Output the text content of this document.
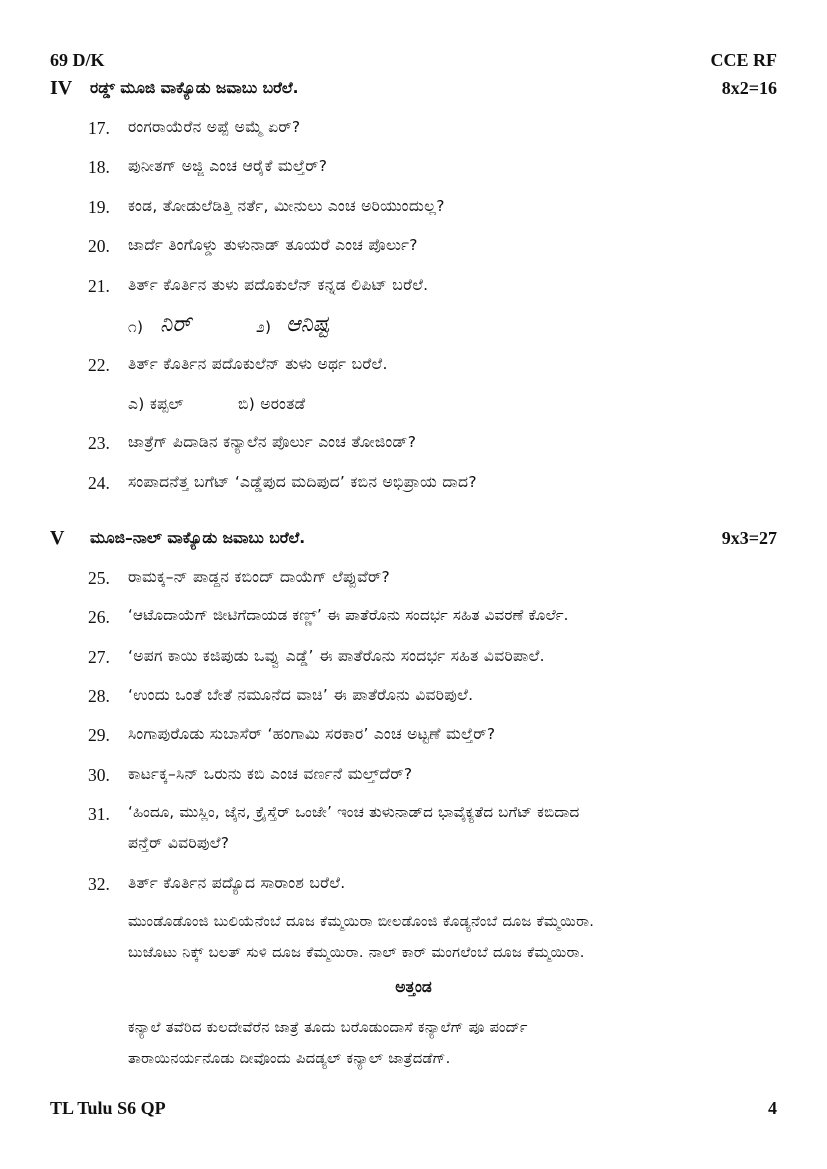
69 D/K	CCE RF
IV ರಡ್ಡ್ ಮೂಜಿ ವಾಕ್ಯೊಡು ಜವಾಬು ಬರೆಲೆ.	8x2=16
17. ರಂಗರಾಯೆರೆನ ಅಪ್ಪೆ ಅಮ್ಮೆ ಏರ್?
18. ಪುನೀತಗ್ ಅಜ್ಜಿ ಎಂಚ ಆರೈಕೆ ಮಲ್ತೆರ್?
19. ಕಂಡ, ತೋಡುಲೆಡಿತ್ತಿ ನರ್ತೆ, ಮೀನುಲು ಎಂಚ ಅರಿಯುಂದುಲ್ಲ?
20. ಜಾರ್ದೆ ತಿಂಗೊಳ್ಡು ತುಳುನಾಡ್ ತೂಯರೆ ಎಂಚ ಪೊರ್ಲು?
21. ತಿರ್ತ್ ಕೊರ್ತಿನ ತುಳು ಪದೊಕುಲೆನ್ ಕನ್ನಡ ಲಿಪಿಟ್ ಬರೆಲೆ.
೧) ನಿರ್	೨) ಆನಿಷ್ಟ
22. ತಿರ್ತ್ ಕೊರ್ತಿನ ಪದೊಕುಲೆನ್ ತುಳು ಅರ್ಥ ಬರೆಲೆ.
ಎ) ಕಪ್ಪಲ್	ಬಿ) ಅರಂತಡೆ
23. ಜಾತ್ರೆಗ್ ಪಿದಾಡಿನ ಕನ್ಯಾಲೆನ ಪೊರ್ಲು ಎಂಚ ತೋಜಿಂಡ್?
24. ಸಂಪಾದನೆತ್ತ ಬಗೆಟ್ ‘ಎಡ್ಡೆಪುದ ಮದಿಪುದ’ ಕಬಿನ ಅಭಿಪ್ರಾಯ ದಾದ?
V ಮೂಜಿ–ನಾಲ್ ವಾಕ್ಯೊಡು ಜವಾಬು ಬರೆಲೆ.	9x3=27
25. ರಾಮಕ್ಕ–ನ್ ಪಾಡ್ದನ ಕಬಿಂದ್ ದಾಯೆಗ್ ಲೆಪ್ಪುವೆರ್?
26. ‘ಆಟೊದಾಯೆಗ್ ಜೀಟಿಗೆದಾಯಡ ಕಣ್ಣ್’ ಈ ಪಾತೆರೊನು ಸಂದರ್ಭ ಸಹಿತ ವಿವರಣೆ ಕೊರ್ಲೆ.
27. ‘ಅಪಗ ಕಾಯಿ ಕಜಿಪುಡು ಒವ್ವು ಎಡ್ಡೆ’ ಈ ಪಾತೆರೊನು ಸಂದರ್ಭ ಸಹಿತ ವಿವರಿಪಾಲೆ.
28. ‘ಉಂದು ಒಂತೆ ಬೇತೆ ನಮೂನೆದ ವಾಚಿ’ ಈ ಪಾತೆರೊನು ವಿವರಿಪುಲೆ.
29. ಸಿಂಗಾಪುರೊಡು ಸುಬಾಸೆರ್ ‘ಹಂಗಾಮಿ ಸರಕಾರ’ ಎಂಚ ಅಟ್ಟಣೆ ಮಲ್ತೆರ್?
30. ಕಾರ್ಟಕ್ಕ–ಸಿನ್ ಒರುನು ಕಬಿ ಎಂಚ ವರ್ಣನೆ ಮಲ್ತ್‌ದೆರ್?
31. ‘ಹಿಂದೂ, ಮುಸ್ಲಿಂ, ಜೈನ, ಕ್ರೈಸ್ತೆರ್ ಒಂಜೇ’ ಇಂಚ ತುಳುನಾಡ್‌ದ ಭಾವೈಕ್ಯತೆದ ಬಗೆಟ್ ಕಬಿದಾದ
ಪನ್ತೆರ್ ವಿವರಿಪುಲೆ?
32. ತಿರ್ತ್ ಕೊರ್ತಿನ ಪದ್ಯೊದ ಸಾರಾಂಶ ಬರೆಲೆ.
ಮುಂಡೊಡೊಂಜಿ ಬುಲಿಯೆನೆಂಬೆ ದೂಜ ಕೆಮ್ಮಯಿರಾ ಬೀಲಡೊಂಜಿ ಕೊಡ್ಯನೆಂಬೆ ದೂಜ ಕೆಮ್ಮಯಿರಾ.
ಬುಜೊಟು ನಿಕ್ಕ್ ಬಲತ್ ಸುಳಿ ದೂಜ ಕೆಮ್ಮಯಿರಾ. ನಾಲ್ ಕಾರ್ ಮಂಗಲೆಂಬೆ ದೂಜ ಕೆಮ್ಮಯಿರಾ.
ಅತ್ತಂಡ
ಕನ್ಯಾಲೆ ತವೆರಿದ ಕುಲದೇವೆರೆನ ಜಾತ್ರೆ ತೂದು ಬರೊಡುಂದಾಸೆ ಕನ್ಯಾಲೆಗ್ ಪೂ ಪಂರ್ದ್
ತಾರಾಯಿನರ್ಯನೊಡು ದೀವೊಂದು ಪಿದಡ್ಯಲ್ ಕನ್ಯಾಲ್ ಜಾತ್ರೆದಡೆಗ್.
TL Tulu S6 QP	4
